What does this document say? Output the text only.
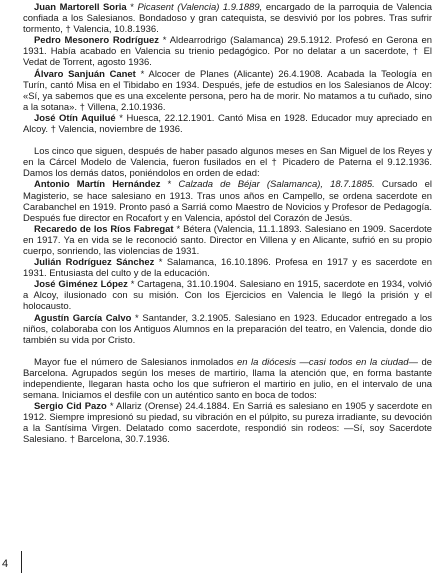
Juan Martorell Soria * Picasent (Valencia) 1.9.1889, encargado de la parroquia de Valencia confiada a los Salesianos. Bondadoso y gran catequista, se desvivió por los pobres. Tras sufrir tormento, † Valencia, 10.8.1936.

Pedro Mesonero Rodríguez * Aldearrodrigo (Salamanca) 29.5.1912. Profesó en Gerona en 1931. Había acabado en Valencia su trienio pedagógico. Por no delatar a un sacerdote, † El Vedat de Torrent, agosto 1936.

Álvaro Sanjuán Canet * Alcocer de Planes (Alicante) 26.4.1908. Acabada la Teología en Turín, cantó Misa en el Tibidabo en 1934. Después, jefe de estudios en los Salesianos de Alcoy: «Sí, ya sabemos que es una excelente persona, pero ha de morir. No matamos a tu cuñado, sino a la sotana». † Villena, 2.10.1936.

José Otín Aquilué * Huesca, 22.12.1901. Cantó Misa en 1928. Educador muy apreciado en Alcoy. † Valencia, noviembre de 1936.

Los cinco que siguen, después de haber pasado algunos meses en San Miguel de los Reyes y en la Cárcel Modelo de Valencia, fueron fusilados en el † Picadero de Paterna el 9.12.1936. Damos los demás datos, poniéndolos en orden de edad:

Antonio Martín Hernández * Calzada de Béjar (Salamanca), 18.7.1885. Cursado el Magisterio, se hace salesiano en 1913. Tras unos años en Campello, se ordena sacerdote en Carabanchel en 1919. Pronto pasó a Sarriá como Maestro de Novicios y Profesor de Pedagogía. Después fue director en Rocafort y en Valencia, apóstol del Corazón de Jesús.

Recaredo de los Ríos Fabregat * Bétera (Valencia, 11.1.1893. Salesiano en 1909. Sacerdote en 1917. Ya en vida se le reconoció santo. Director en Villena y en Alicante, sufrió en su propio cuerpo, sonriendo, las violencias de 1931.

Julián Rodríguez Sánchez * Salamanca, 16.10.1896. Profesa en 1917 y es sacerdote en 1931. Entusiasta del culto y de la educación.

José Giménez López * Cartagena, 31.10.1904. Salesiano en 1915, sacerdote en 1934, volvió a Alcoy, ilusionado con su misión. Con los Ejercicios en Valencia le llegó la prisión y el holocausto.

Agustín García Calvo * Santander, 3.2.1905. Salesiano en 1923. Educador entregado a los niños, colaboraba con los Antiguos Alumnos en la preparación del teatro, en Valencia, donde dio también su vida por Cristo.

Mayor fue el número de Salesianos inmolados en la diócesis —casi todos en la ciudad— de Barcelona. Agrupados según los meses de martirio, llama la atención que, en forma bastante independiente, llegaran hasta ocho los que sufrieron el martirio en julio, en el intervalo de una semana. Iniciamos el desfile con un auténtico santo en boca de todos:

Sergio Cid Pazo * Allariz (Orense) 24.4.1884. En Sarriá es salesiano en 1905 y sacerdote en 1912. Siempre impresionó su piedad, su vibración en el púlpito, su pureza irradiante, su devoción a la Santísima Virgen. Delatado como sacerdote, respondió sin rodeos: —Sí, soy Sacerdote Salesiano. † Barcelona, 30.7.1936.

4
